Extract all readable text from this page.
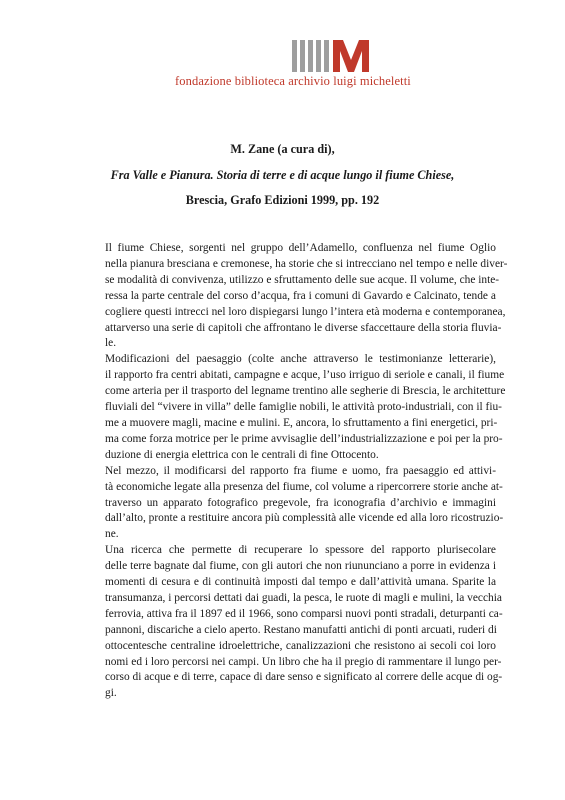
fondazione biblioteca archivio luigi micheletti
M. Zane (a cura di),
Fra Valle e Pianura. Storia di terre e di acque lungo il fiume Chiese,
Brescia, Grafo Edizioni 1999, pp. 192

Il fiume Chiese, sorgenti nel gruppo dell’Adamello, confluenza nel fiume Oglio
nella pianura bresciana e cremonese, ha storie che si intrecciano nel tempo e nelle diver-
se modalità di convivenza, utilizzo e sfruttamento delle sue acque. Il volume, che inte-
ressa la parte centrale del corso d’acqua, fra i comuni di Gavardo e Calcinato, tende a
cogliere questi intrecci nel loro dispiegarsi lungo l’intera età moderna e contemporanea,
attarverso una serie di capitoli che affrontano le diverse sfaccettaure della storia fluvia-
le.

Modificazioni del paesaggio (colte anche attraverso le testimonianze letterarie),
il rapporto fra centri abitati, campagne e acque, l’uso irriguo di seriole e canali, il fiume
come arteria per il trasporto del legname trentino alle segherie di Brescia, le architetture
fluviali del “vivere in villa” delle famiglie nobili, le attività proto-industriali, con il fiu-
me a muovere magli, macine e mulini. E, ancora, lo sfruttamento a fini energetici, pri-
ma come forza motrice per le prime avvisaglie dell’industrializzazione e poi per la pro-
duzione di energia elettrica con le centrali di fine Ottocento.

Nel mezzo, il modificarsi del rapporto fra fiume e uomo, fra paesaggio ed attivi-
tà economiche legate alla presenza del fiume, col volume a ripercorrere storie anche at-
traverso un apparato fotografico pregevole, fra iconografia d’archivio e immagini
dall’alto, pronte a restituire ancora più complessità alle vicende ed alla loro ricostruzio-
ne.

Una ricerca che permette di recuperare lo spessore del rapporto plurisecolare
delle terre bagnate dal fiume, con gli autori che non riununciano a porre in evidenza i
momenti di cesura e di continuità imposti dal tempo e dall’attività umana. Sparite la
transumanza, i percorsi dettati dai guadi, la pesca, le ruote di magli e mulini, la vecchia
ferrovia, attiva fra il 1897 ed il 1966, sono comparsi nuovi ponti stradali, deturpanti ca-
pannoni, discariche a cielo aperto. Restano manufatti antichi di ponti arcuati, ruderi di
ottocentesche centraline idroelettriche, canalizzazioni che resistono ai secoli coi loro
nomi ed i loro percorsi nei campi. Un libro che ha il pregio di rammentare il lungo per-
corso di acque e di terre, capace di dare senso e significato al correre delle acque di og-
gi.
